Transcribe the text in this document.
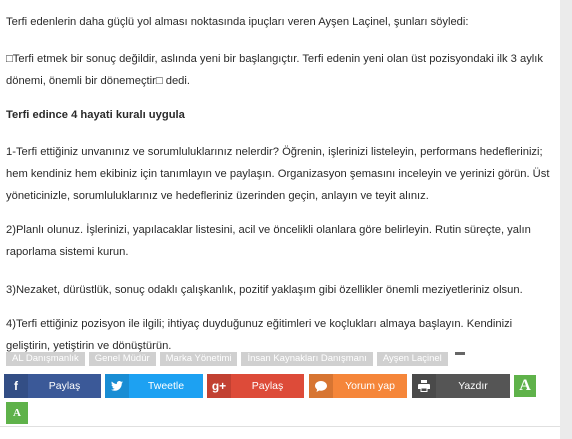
Terfi edenlerin daha güçlü yol alması noktasında ipuçları veren Ayşen Laçinel, şunları söyledi:

□Terfi etmek bir sonuç değildir, aslında yeni bir başlangıçtır. Terfi edenin yeni olan üst pozisyondaki ilk 3 aylık dönemi, önemli bir dönemeçtir□ dedi.

Terfi edince 4 hayati kuralı uygula

1-Terfi ettiğiniz unvanınız ve sorumluluklarınız nelerdir? Öğrenin, işlerinizi listeleyin, performans hedeflerinizi; hem kendiniz hem ekibiniz için tanımlayın ve paylaşın. Organizasyon şemasını inceleyin ve yerinizi görün. Üst yöneticinizle, sorumluluklarınız ve hedefleriniz üzerinden geçin, anlayın ve teyit alınız.

2)Planlı olunuz. İşlerinizi, yapılacaklar listesini, acil ve öncelikli olanlara göre belirleyin. Rutin süreçte, yalın raporlama sistemi kurun.

3)Nezaket, dürüstlük, sonuç odaklı çalışkanlık, pozitif yaklaşım gibi özellikler önemli meziyetleriniz olsun.

4)Terfi ettiğiniz pozisyon ile ilgili; ihtiyaç duyduğunuz eğitimleri ve koçlukları almaya başlayın. Kendinizi geliştirin, yetiştirin ve dönüştürün.

AL Danışmanlık	Genel Müdür	Marka Yönetimi	İnsan Kaynakları Danışmanı	Ayşen Laçinel
f	Paylaş	Tweetle	g+	Paylaş	Yorum yap	Yazdır	A
A
